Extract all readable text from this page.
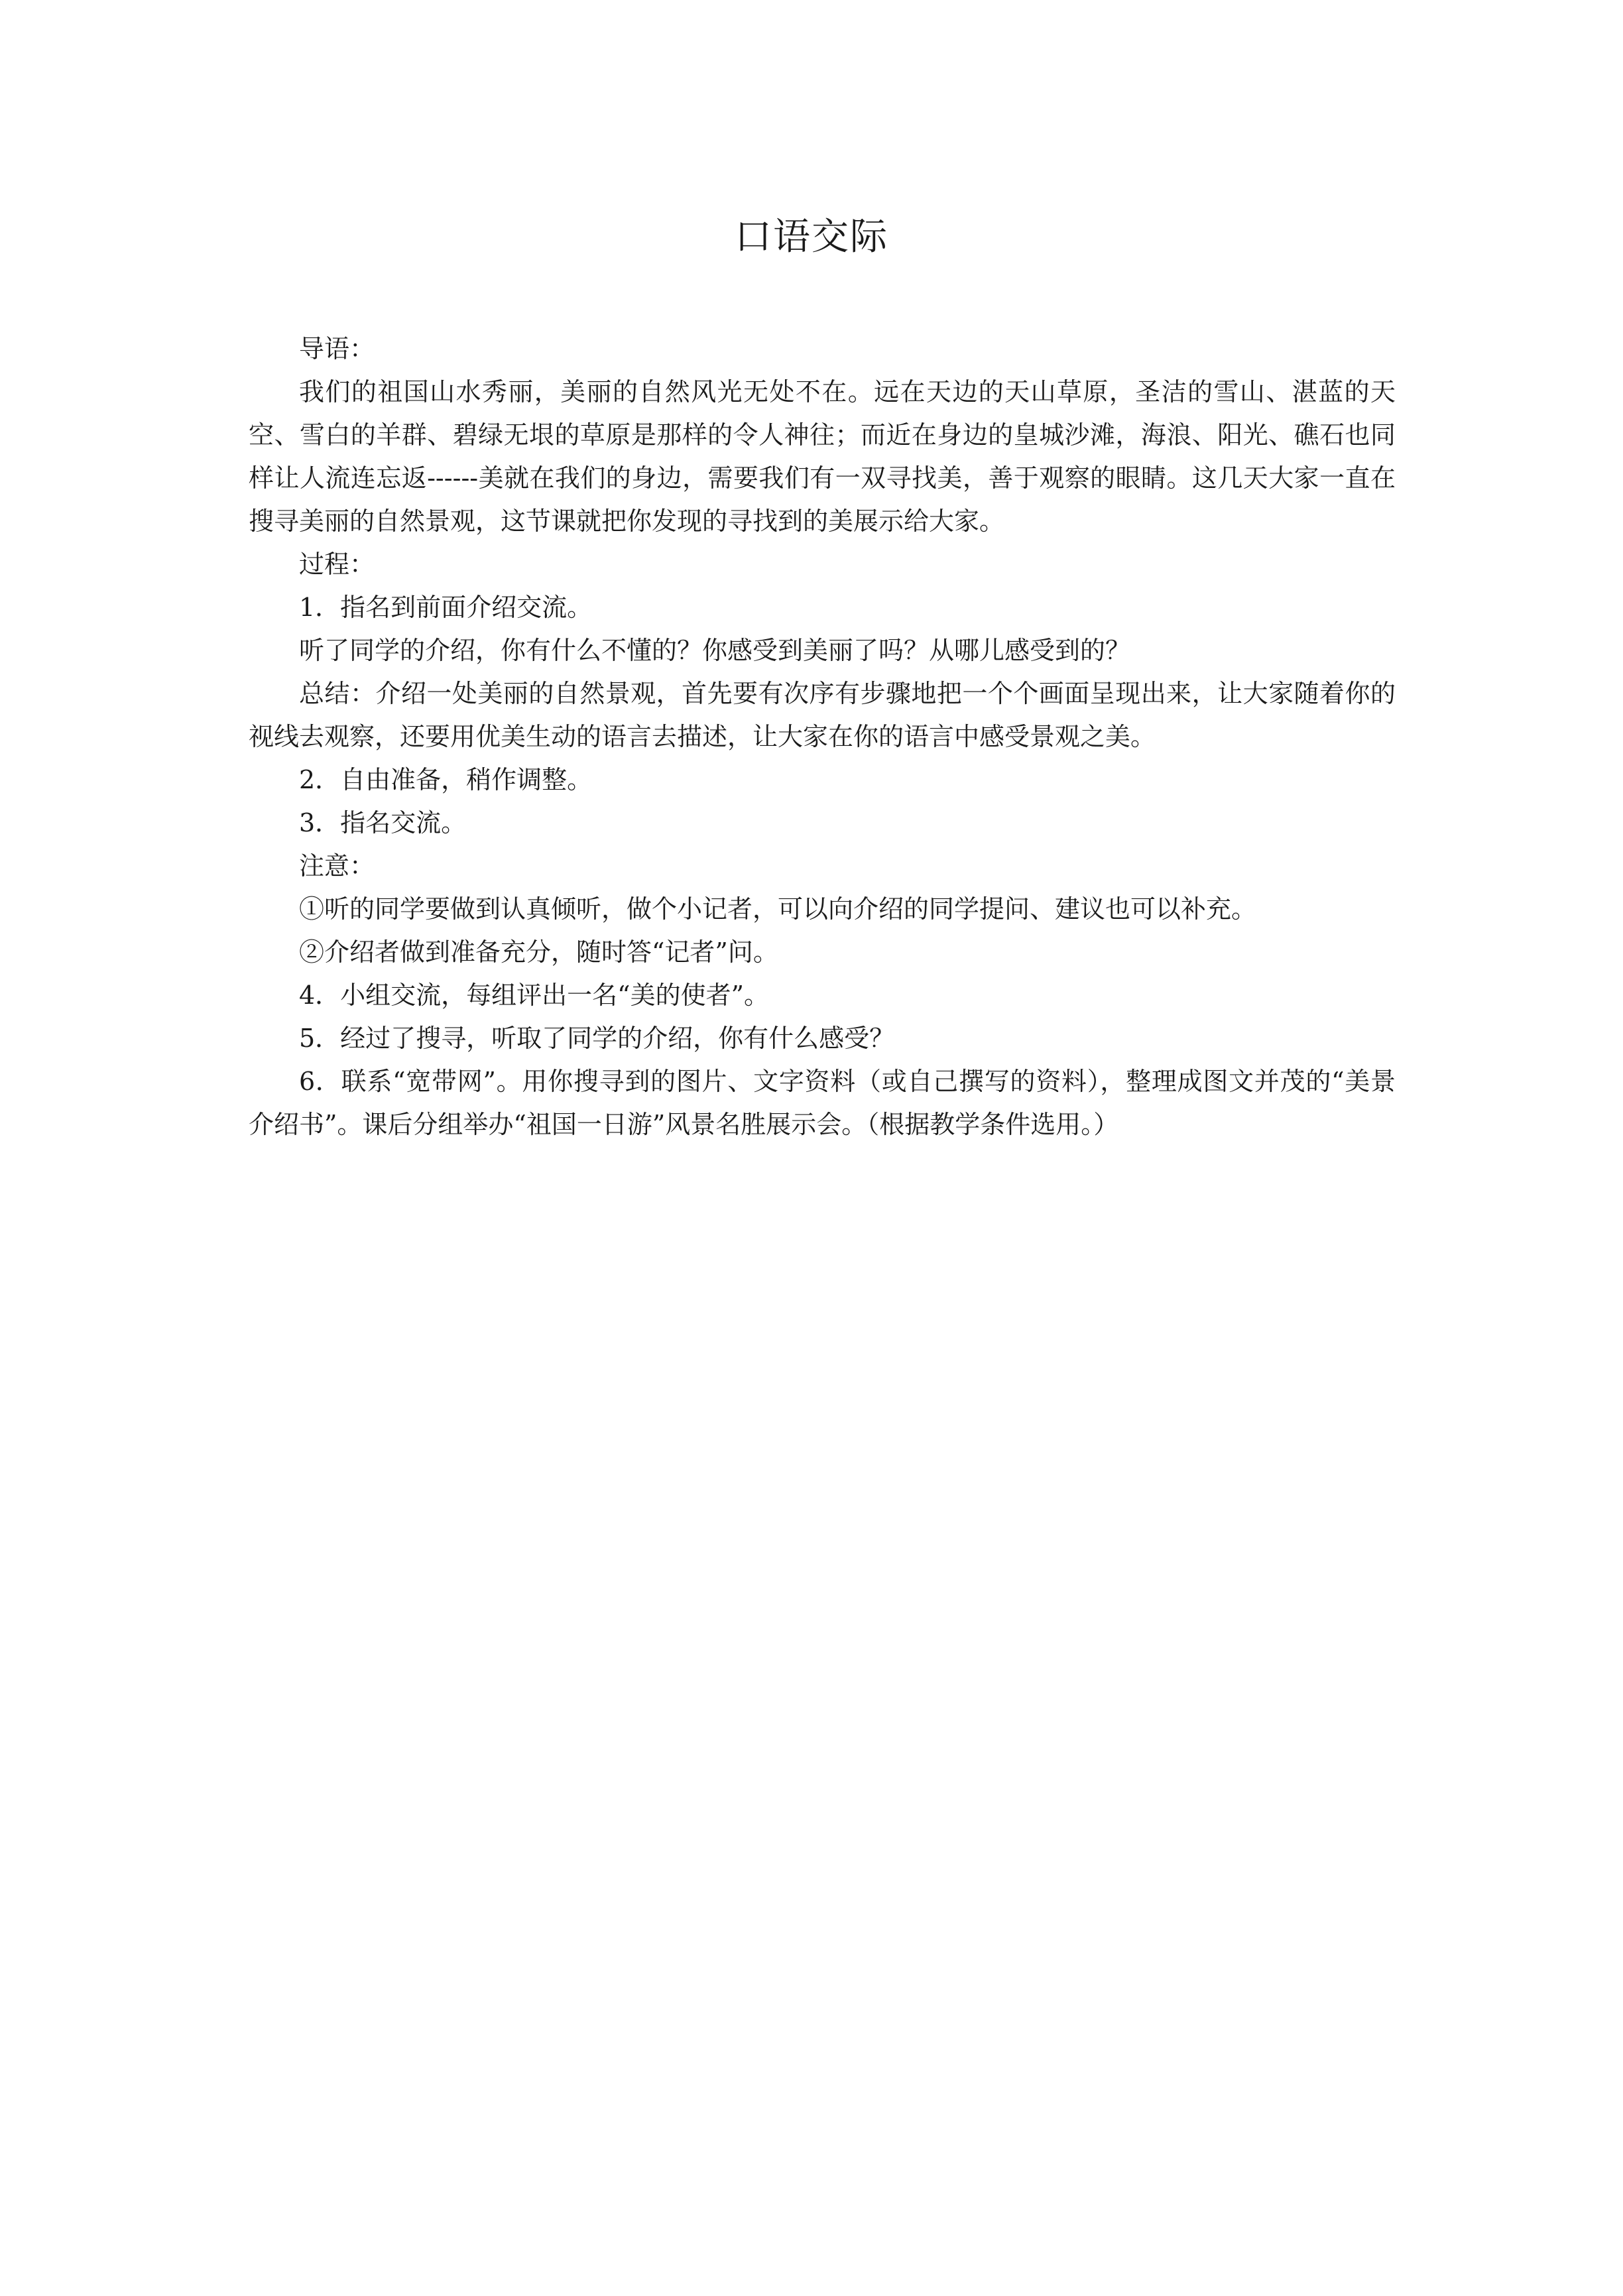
口语交际

导语：

我们的祖国山水秀丽，美丽的自然风光无处不在。远在天边的天山草原，圣洁的雪山、湛蓝的天空、雪白的羊群、碧绿无垠的草原是那样的令人神往；而近在身边的皇城沙滩，海浪、阳光、礁石也同样让人流连忘返------美就在我们的身边，需要我们有一双寻找美，善于观察的眼睛。这几天大家一直在搜寻美丽的自然景观，这节课就把你发现的寻找到的美展示给大家。

过程：

1．指名到前面介绍交流。

听了同学的介绍，你有什么不懂的？你感受到美丽了吗？从哪儿感受到的？

总结：介绍一处美丽的自然景观，首先要有次序有步骤地把一个个画面呈现出来，让大家随着你的视线去观察，还要用优美生动的语言去描述，让大家在你的语言中感受景观之美。

2．自由准备，稍作调整。

3．指名交流。

注意：

①听的同学要做到认真倾听，做个小记者，可以向介绍的同学提问、建议也可以补充。

②介绍者做到准备充分，随时答“记者”问。

4．小组交流，每组评出一名“美的使者”。

5．经过了搜寻，听取了同学的介绍，你有什么感受？

6．联系“宽带网”。用你搜寻到的图片、文字资料（或自己撰写的资料），整理成图文并茂的“美景介绍书”。课后分组举办“祖国一日游”风景名胜展示会。（根据教学条件选用。）
